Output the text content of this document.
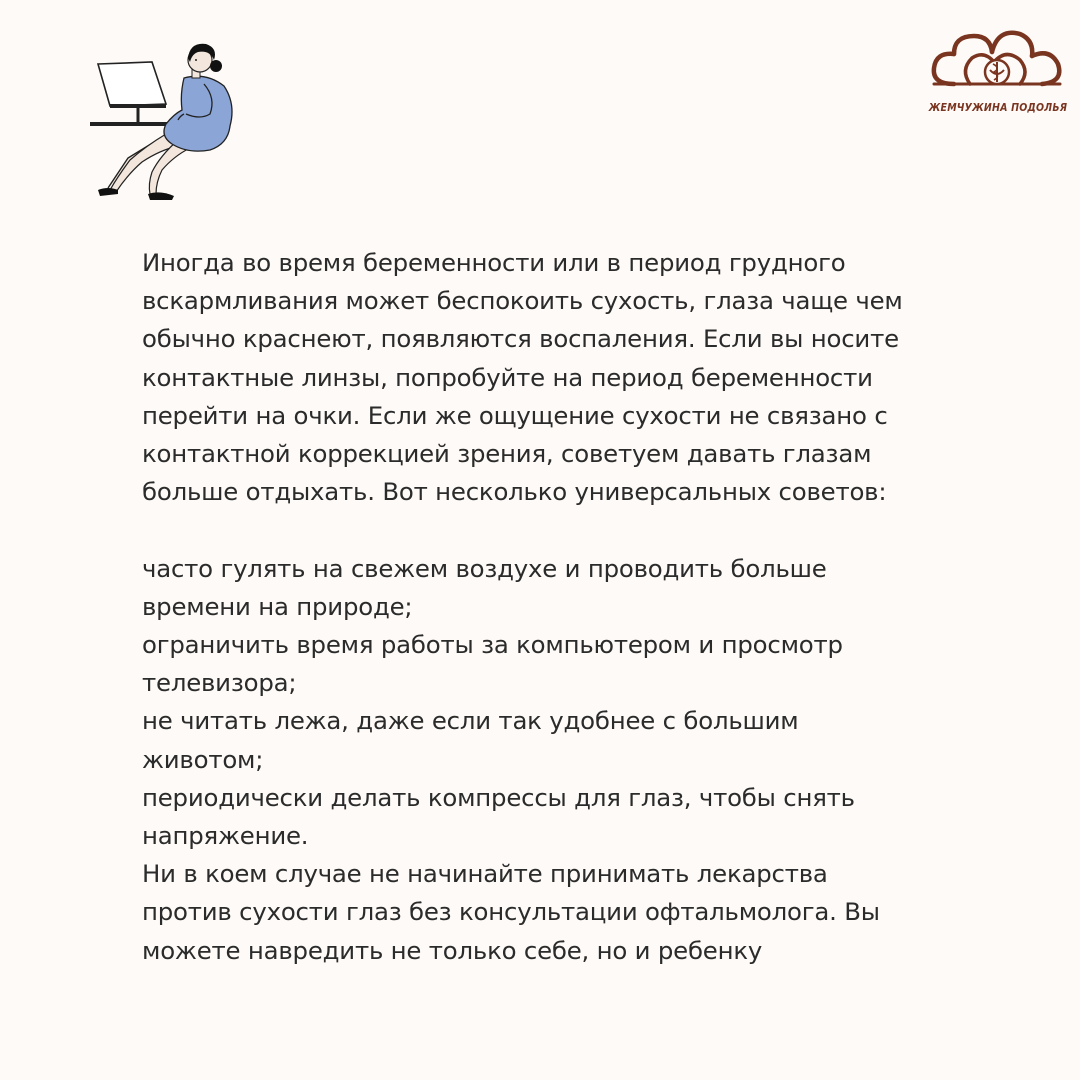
ЖЕМЧУЖИНА ПОДОЛЬЯ

Иногда во время беременности или в период грудного

вскармливания может беспокоить сухость, глаза чаще чем

обычно краснеют, появляются воспаления. Если вы носите

контактные линзы, попробуйте на период беременности

перейти на очки. Если же ощущение сухости не связано с

контактной коррекцией зрения, советуем давать глазам

больше отдыхать. Вот несколько универсальных советов:

часто гулять на свежем воздухе и проводить больше

времени на природе;

ограничить время работы за компьютером и просмотр

телевизора;

не читать лежа, даже если так удобнее с большим

животом;

периодически делать компрессы для глаз, чтобы снять

напряжение.

Ни в коем случае не начинайте принимать лекарства

против сухости глаз без консультации офтальмолога. Вы

можете навредить не только себе, но и ребенку
